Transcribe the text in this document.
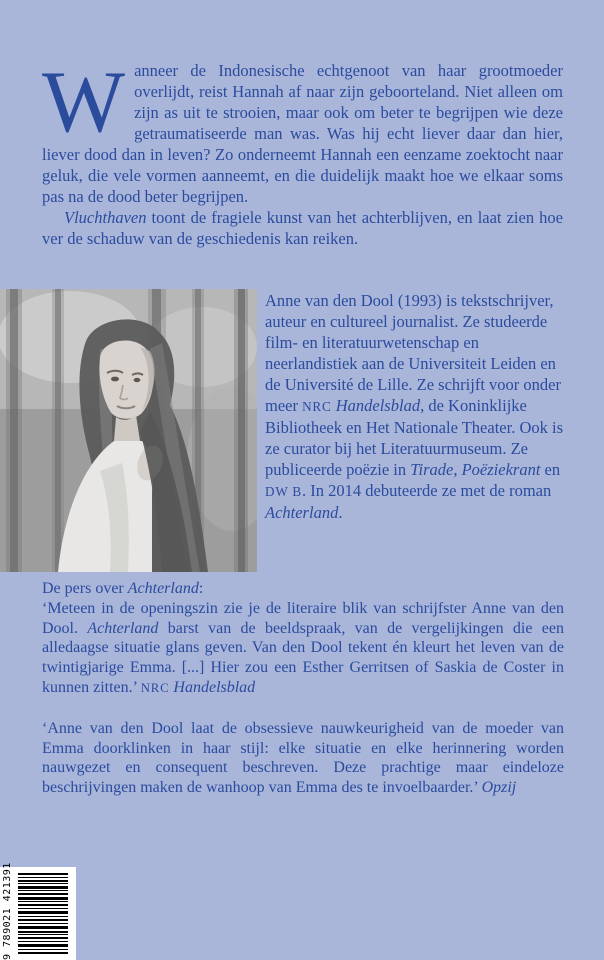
Wanneer de Indonesische echtgenoot van haar grootmoeder overlijdt, reist Hannah af naar zijn geboorteland. Niet alleen om zijn as uit te strooien, maar ook om beter te begrijpen wie deze getraumatiseerde man was. Was hij echt liever daar dan hier, liever dood dan in leven? Zo onderneemt Hannah een eenzame zoektocht naar geluk, die vele vormen aanneemt, en die duidelijk maakt hoe we elkaar soms pas na de dood beter begrijpen.

Vluchthaven toont de fragiele kunst van het achterblijven, en laat zien hoe ver de schaduw van de geschiedenis kan reiken.

Anne van den Dool (1993) is tekstschrijver, auteur en cultureel journalist. Ze studeerde film- en literatuurwetenschap en neerlandistiek aan de Universiteit Leiden en de Université de Lille. Ze schrijft voor onder meer NRC Handelsblad, de Koninklijke Bibliotheek en Het Nationale Theater. Ook is ze curator bij het Literatuurmuseum. Ze publiceerde poëzie in Tirade, Poëziekrant en DW B. In 2014 debuteerde ze met de roman Achterland.

De pers over Achterland:

‘Meteen in de openingszin zie je de literaire blik van schrijfster Anne van den Dool. Achterland barst van de beeldspraak, van de vergelijkingen die een alledaagse situatie glans geven. Van den Dool tekent én kleurt het leven van de twintigjarige Emma. [...] Hier zou een Esther Gerritsen of Saskia de Coster in kunnen zitten.’ NRC Handelsblad

‘Anne van den Dool laat de obsessieve nauwkeurigheid van de moeder van Emma doorklinken in haar stijl: elke situatie en elke herinnering worden nauwgezet en consequent beschreven. Deze prachtige maar eindeloze beschrijvingen maken de wanhoop van Emma des te invoelbaarder.’ Opzij

9 789021 421391
